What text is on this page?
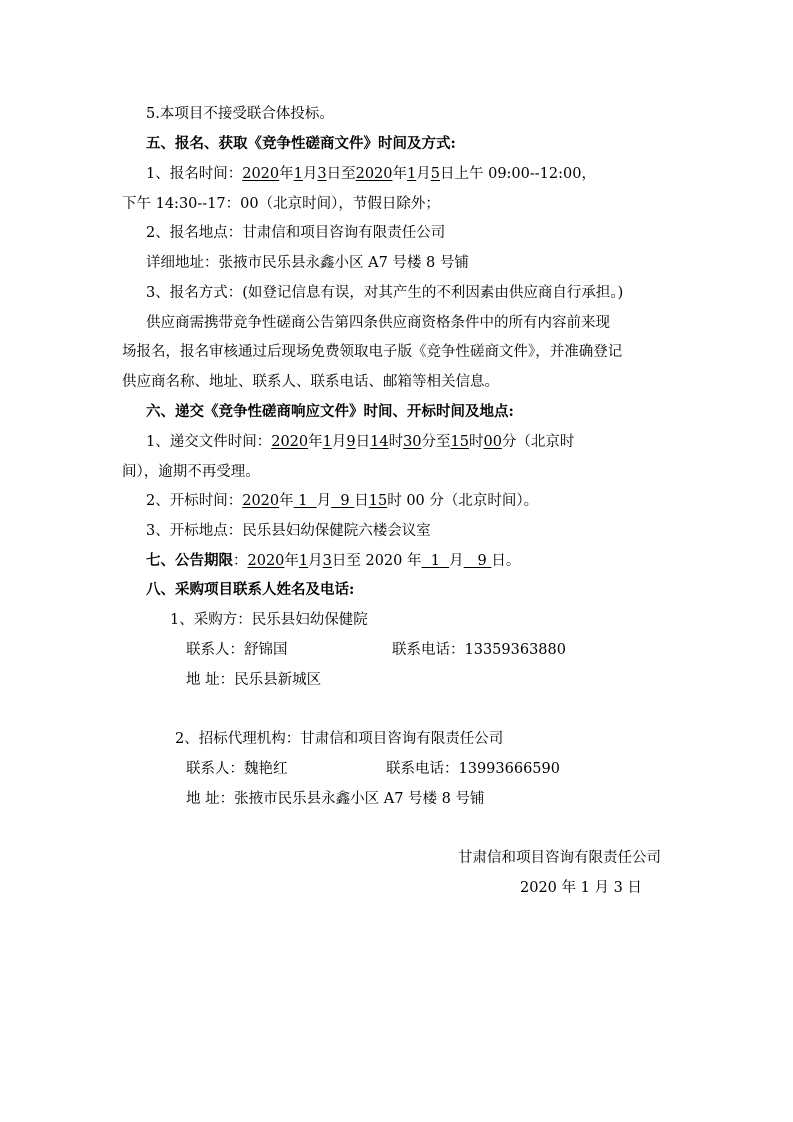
5.本项目不接受联合体投标。
五、报名、获取《竞争性磋商文件》时间及方式:
1、报名时间：2020年1月3日至2020年1月5日上午 09:00--12:00，
下午 14:30--17：00（北京时间），节假日除外；
2、报名地点：甘肃信和项目咨询有限责任公司
详细地址：张掖市民乐县永鑫小区 A7 号楼 8 号铺
3、报名方式：(如登记信息有误，对其产生的不利因素由供应商自行承担。)
供应商需携带竞争性磋商公告第四条供应商资格条件中的所有内容前来现
场报名，报名审核通过后现场免费领取电子版《竞争性磋商文件》，并准确登记
供应商名称、地址、联系人、联系电话、邮箱等相关信息。
六、递交《竞争性磋商响应文件》时间、开标时间及地点:
1、递交文件时间：2020年1月9日14时30分至15时00分（北京时
间），逾期不再受理。
2、开标时间：2020年 1 月 9 日15时 00 分（北京时间）。
3、开标地点：民乐县妇幼保健院六楼会议室
七、公告期限：2020年1月3日至 2020 年 1 月 9 日。
八、采购项目联系人姓名及电话:
1、采购方：民乐县妇幼保健院
联系人：舒锦国	联系电话：13359363880
地 址：民乐县新城区
2、招标代理机构：甘肃信和项目咨询有限责任公司
联系人：魏艳红	联系电话：13993666590
地 址：张掖市民乐县永鑫小区 A7 号楼 8 号铺
甘肃信和项目咨询有限责任公司
2020 年 1 月 3 日
